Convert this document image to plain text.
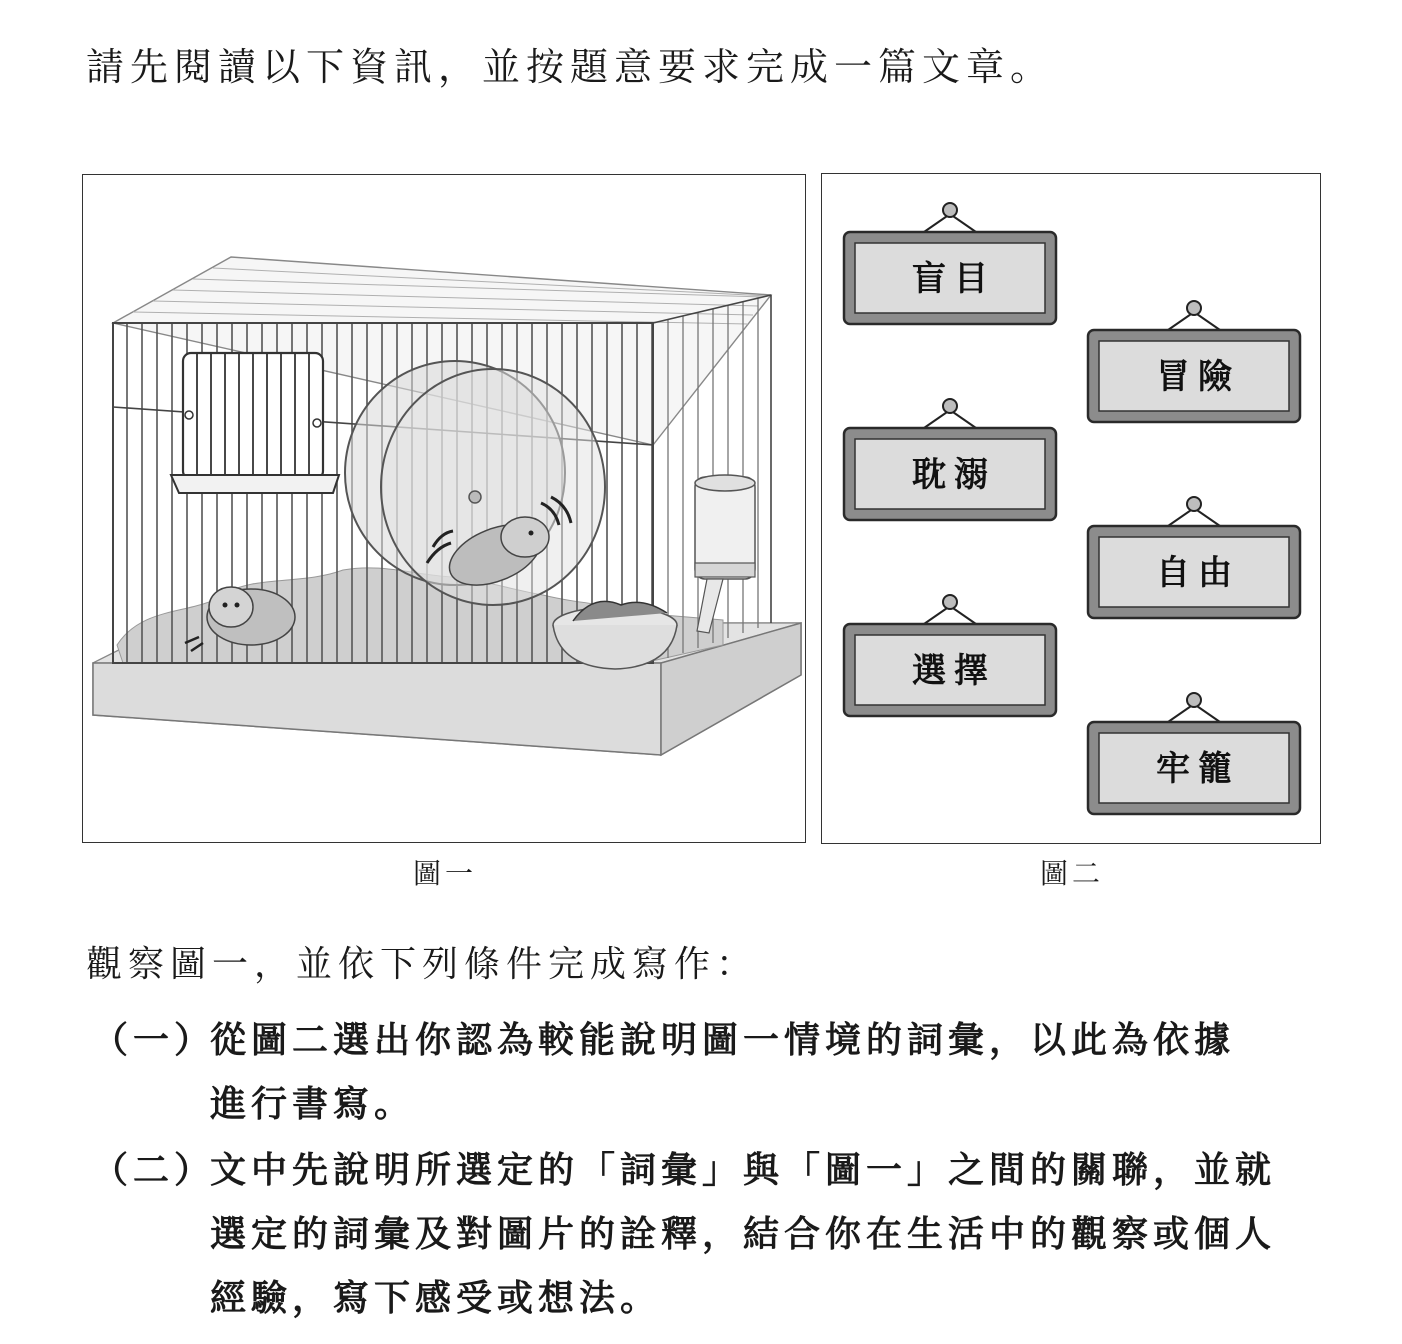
請先閱讀以下資訊，並按題意要求完成一篇文章。
盲目
冒險
耽溺
自由
選擇
牢籠
圖一	圖二
觀察圖一，並依下列條件完成寫作：
（一）
從圖二選出你認為較能說明圖一情境的詞彙，以此為依據
進行書寫。
（二）
文中先說明所選定的「詞彙」與「圖一」之間的關聯，並就
選定的詞彙及對圖片的詮釋，結合你在生活中的觀察或個人
經驗，寫下感受或想法。
